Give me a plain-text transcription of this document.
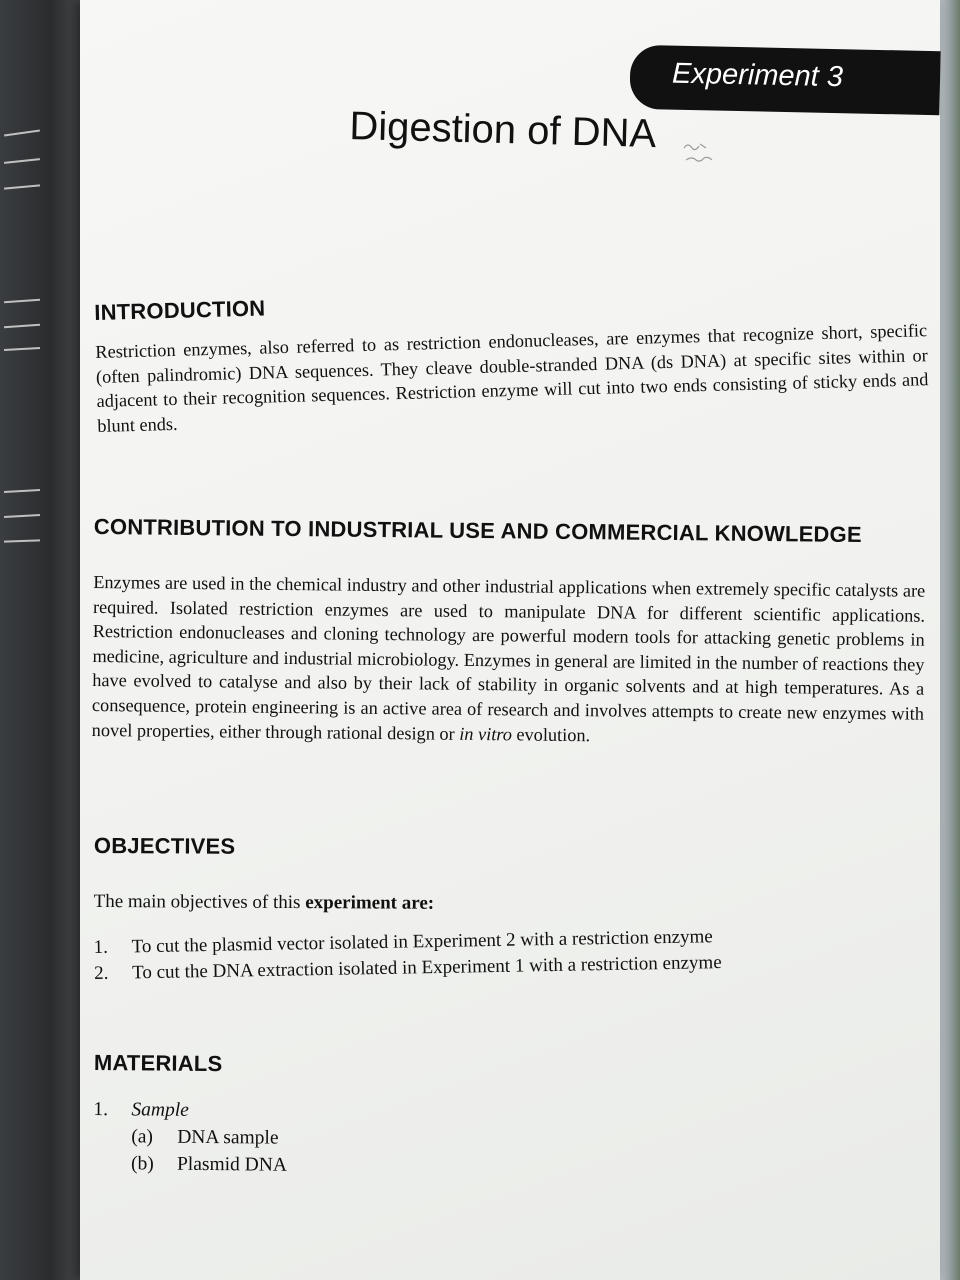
Experiment 3
Digestion of DNA
INTRODUCTION
Restriction enzymes, also referred to as restriction endonucleases, are enzymes that recognize short, specific (often palindromic) DNA sequences. They cleave double-stranded DNA (ds DNA) at specific sites within or adjacent to their recognition sequences. Restriction enzyme will cut into two ends consisting of sticky ends and blunt ends.
CONTRIBUTION TO INDUSTRIAL USE AND COMMERCIAL KNOWLEDGE
Enzymes are used in the chemical industry and other industrial applications when extremely specific catalysts are required. Isolated restriction enzymes are used to manipulate DNA for different scientific applications. Restriction endonucleases and cloning technology are powerful modern tools for attacking genetic problems in medicine, agriculture and industrial microbiology. Enzymes in general are limited in the number of reactions they have evolved to catalyse and also by their lack of stability in organic solvents and at high temperatures. As a consequence, protein engineering is an active area of research and involves attempts to create new enzymes with novel properties, either through rational design or in vitro evolution.
OBJECTIVES
The main objectives of this experiment are:
1.	To cut the plasmid vector isolated in Experiment 2 with a restriction enzyme
2.	To cut the DNA extraction isolated in Experiment 1 with a restriction enzyme
MATERIALS
1.	Sample
(a)	DNA sample
(b)	Plasmid DNA
